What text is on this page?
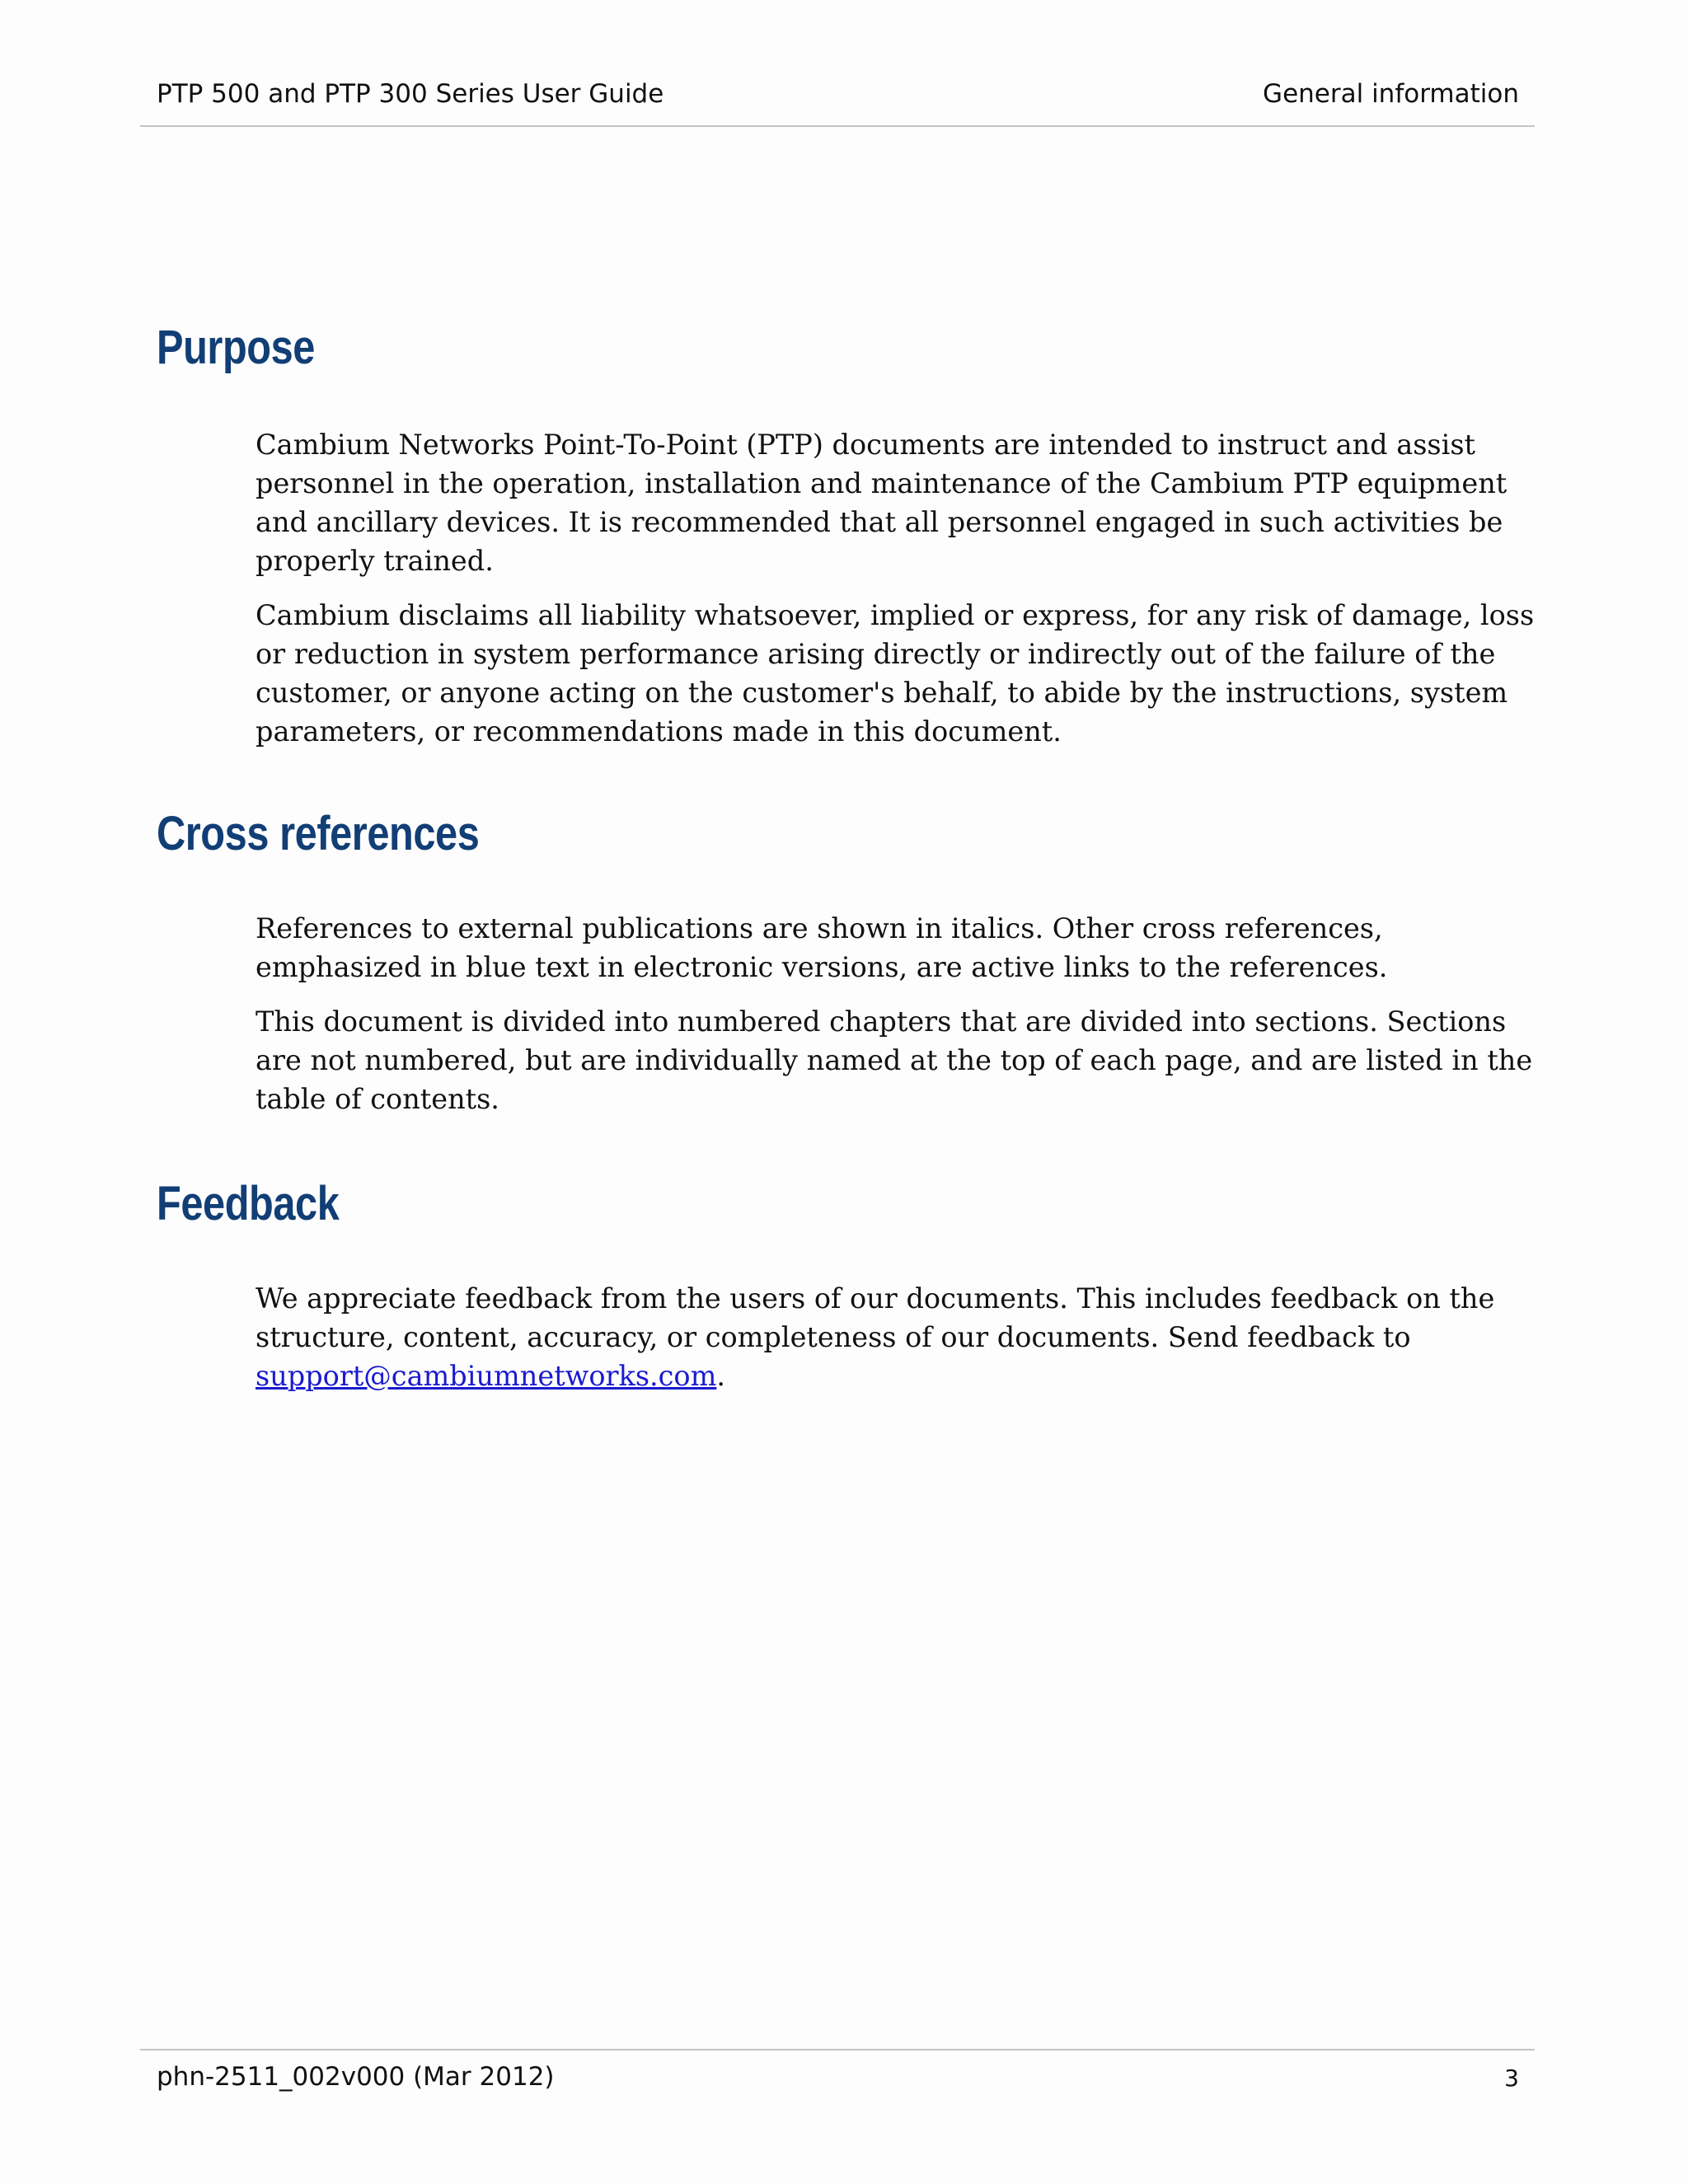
PTP 500 and PTP 300 Series User Guide	General information
Purpose

Cambium Networks Point-To-Point (PTP) documents are intended to instruct and assist personnel in the operation, installation and maintenance of the Cambium PTP equipment and ancillary devices. It is recommended that all personnel engaged in such activities be properly trained.

Cambium disclaims all liability whatsoever, implied or express, for any risk of damage, loss or reduction in system performance arising directly or indirectly out of the failure of the customer, or anyone acting on the customer's behalf, to abide by the instructions, system parameters, or recommendations made in this document.

Cross references

References to external publications are shown in italics. Other cross references, emphasized in blue text in electronic versions, are active links to the references.

This document is divided into numbered chapters that are divided into sections. Sections are not numbered, but are individually named at the top of each page, and are listed in the table of contents.

Feedback

We appreciate feedback from the users of our documents. This includes feedback on the structure, content, accuracy, or completeness of our documents. Send feedback to support@cambiumnetworks.com.

phn-2511_002v000 (Mar 2012)	3
